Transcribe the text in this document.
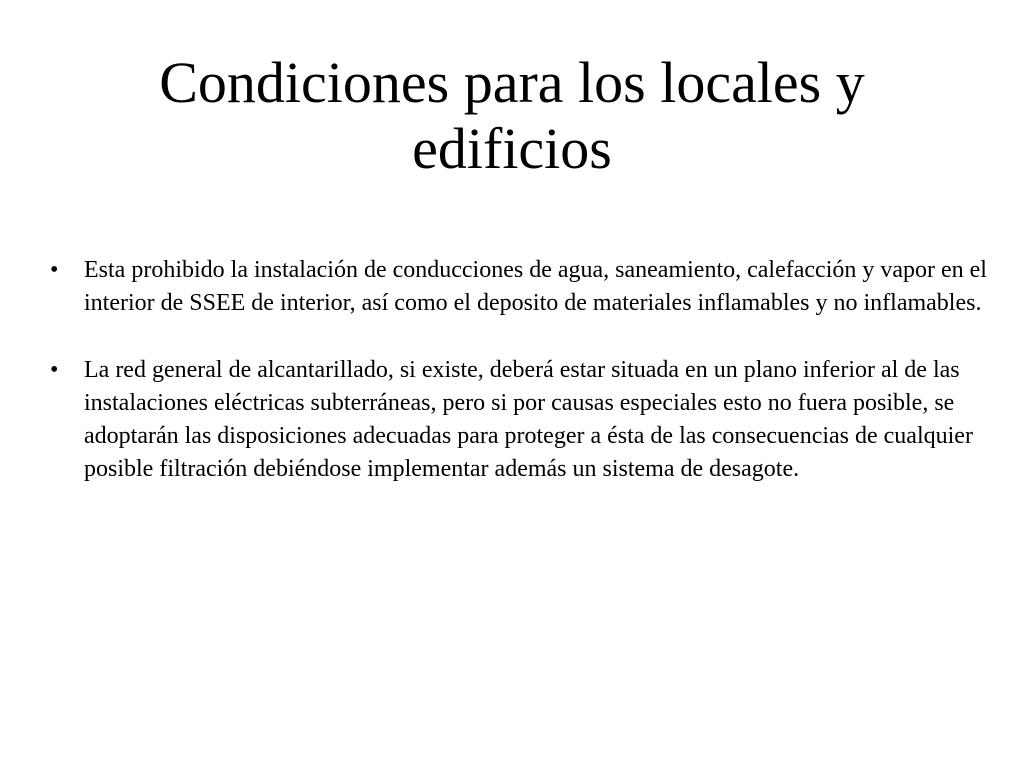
Condiciones para los locales y edificios
•	Esta prohibido la instalación de conducciones de agua, saneamiento, calefacción y vapor en el interior de SSEE de interior, así como el deposito de materiales inflamables y no inflamables.
•	La red general de alcantarillado, si existe, deberá estar situada en un plano inferior al de las instalaciones eléctricas subterráneas, pero si por causas especiales esto no fuera posible, se adoptarán las disposiciones adecuadas para proteger a ésta de las consecuencias de cualquier posible filtración debiéndose implementar además un sistema de desagote.
